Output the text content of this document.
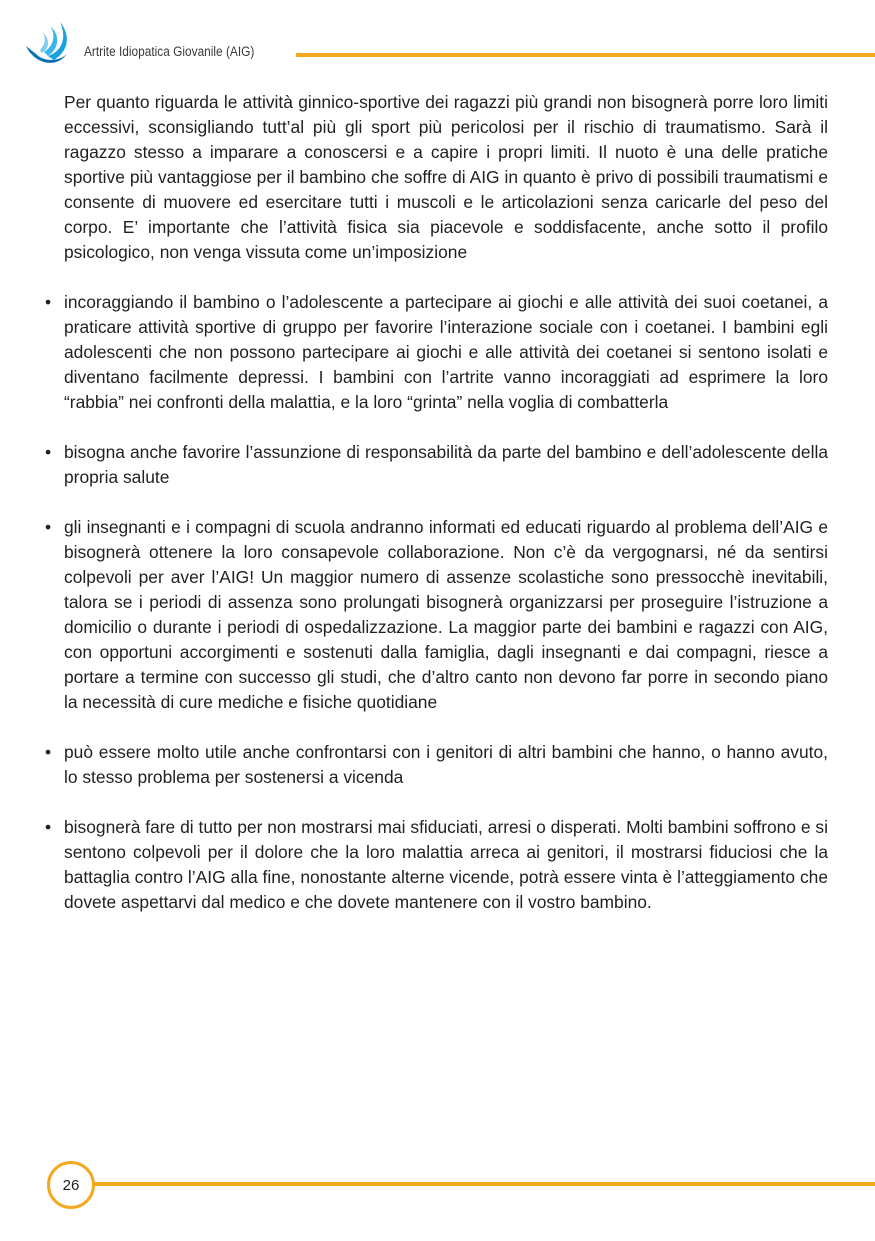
Artrite Idiopatica Giovanile (AIG)

Per quanto riguarda le attività ginnico-sportive dei ragazzi più grandi non bisognerà porre loro limiti eccessivi, sconsigliando tutt’al più gli sport più pericolosi per il rischio di traumatismo. Sarà il ragazzo stesso a imparare a conoscersi e a capire i propri limiti. Il nuoto è una delle pratiche sportive più vantaggiose per il bambino che soffre di AIG in quanto è privo di possibili traumatismi e consente di muovere ed esercitare tutti i muscoli e le articolazioni senza caricarle del peso del corpo. E’ importante che l’attività fisica sia piacevole e soddisfacente, anche sotto il profilo psicologico, non venga vissuta come un’imposizione

• incoraggiando il bambino o l’adolescente a partecipare ai giochi e alle attività dei suoi coetanei, a praticare attività sportive di gruppo per favorire l’interazione sociale con i coetanei. I bambini egli adolescenti che non possono partecipare ai giochi e alle attività dei coetanei si sentono isolati e diventano facilmente depressi. I bambini con l’artrite vanno incoraggiati ad esprimere la loro “rabbia” nei confronti della malattia, e la loro “grinta” nella voglia di combatterla

• bisogna anche favorire l’assunzione di responsabilità da parte del bambino e dell’adolescente della propria salute

• gli insegnanti e i compagni di scuola andranno informati ed educati riguardo al problema dell’AIG e bisognerà ottenere la loro consapevole collaborazione. Non c’è da vergognarsi, né da sentirsi colpevoli per aver l’AIG! Un maggior numero di assenze scolastiche sono pressocchè inevitabili, talora se i periodi di assenza sono prolungati bisognerà organizzarsi per proseguire l’istruzione a domicilio o durante i periodi di ospedalizzazione. La maggior parte dei bambini e ragazzi con AIG, con opportuni accorgimenti e sostenuti dalla famiglia, dagli insegnanti e dai compagni, riesce a portare a termine con successo gli studi, che d’altro canto non devono far porre in secondo piano la necessità di cure mediche e fisiche quotidiane

• può essere molto utile anche confrontarsi con i genitori di altri bambini che hanno, o hanno avuto, lo stesso problema per sostenersi a vicenda

• bisognerà fare di tutto per non mostrarsi mai sfiduciati, arresi o disperati. Molti bambini soffrono e si sentono colpevoli per il dolore che la loro malattia arreca ai genitori, il mostrarsi fiduciosi che la battaglia contro l’AIG alla fine, nonostante alterne vicende, potrà essere vinta è l’atteggiamento che dovete aspettarvi dal medico e che dovete mantenere con il vostro bambino.

26
